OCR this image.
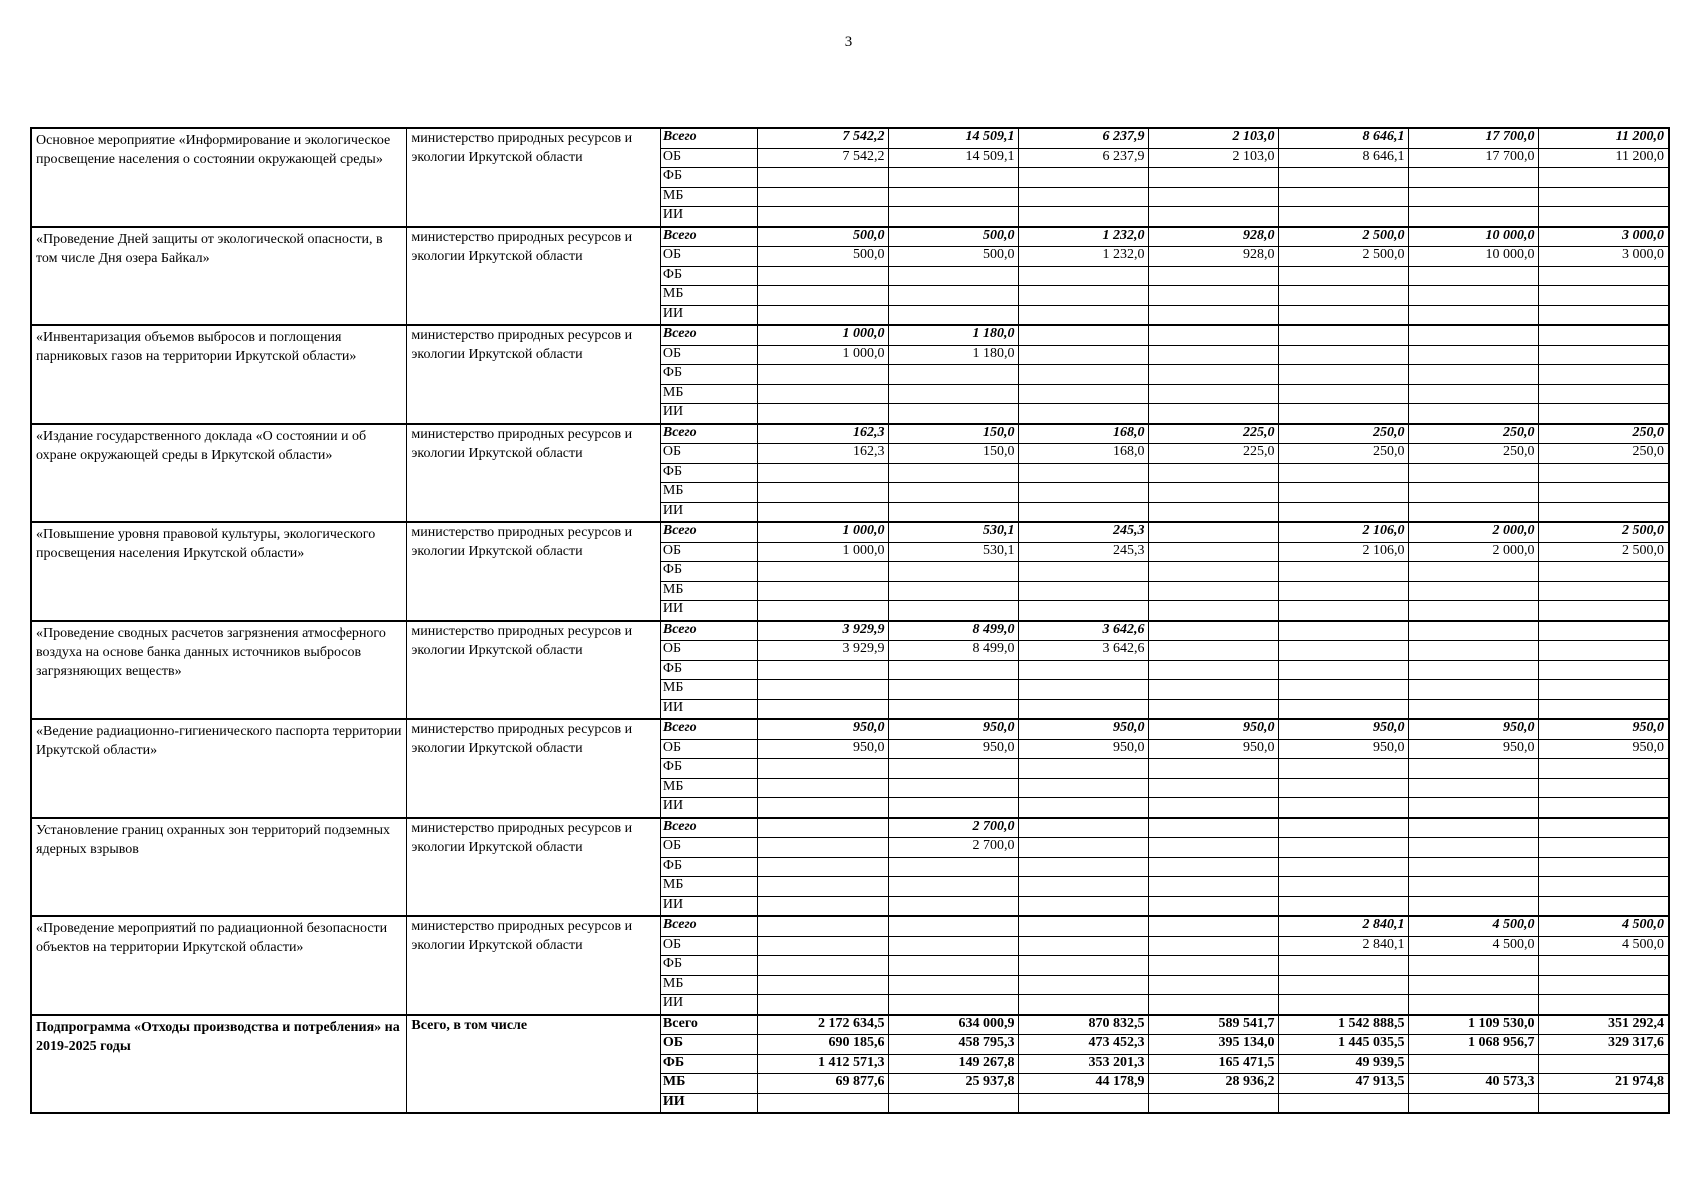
3
Основное мероприятие «Информирование и экологическое просвещение населения о состоянии окружающей среды»	министерство природных ресурсов и экологии Иркутской области	Всего	7 542,2	14 509,1	6 237,9	2 103,0	8 646,1	17 700,0	11 200,0
		ОБ	7 542,2	14 509,1	6 237,9	2 103,0	8 646,1	17 700,0	11 200,0
		ФБ							
		МБ							
		ИИ							
«Проведение Дней защиты от экологической опасности, в том числе Дня озера Байкал»	министерство природных ресурсов и экологии Иркутской области	Всего	500,0	500,0	1 232,0	928,0	2 500,0	10 000,0	3 000,0
		ОБ	500,0	500,0	1 232,0	928,0	2 500,0	10 000,0	3 000,0
		ФБ							
		МБ							
		ИИ							
«Инвентаризация объемов выбросов и поглощения парниковых газов на территории Иркутской области»	министерство природных ресурсов и экологии Иркутской области	Всего	1 000,0	1 180,0					
		ОБ	1 000,0	1 180,0					
		ФБ							
		МБ							
		ИИ							
«Издание государственного доклада «О состоянии и об охране окружающей среды в Иркутской области»	министерство природных ресурсов и экологии Иркутской области	Всего	162,3	150,0	168,0	225,0	250,0	250,0	250,0
		ОБ	162,3	150,0	168,0	225,0	250,0	250,0	250,0
		ФБ							
		МБ							
		ИИ							
«Повышение уровня правовой культуры, экологического просвещения населения Иркутской области»	министерство природных ресурсов и экологии Иркутской области	Всего	1 000,0	530,1	245,3		2 106,0	2 000,0	2 500,0
		ОБ	1 000,0	530,1	245,3		2 106,0	2 000,0	2 500,0
		ФБ							
		МБ							
		ИИ							
«Проведение сводных расчетов загрязнения атмосферного воздуха на основе банка данных источников выбросов загрязняющих веществ»	министерство природных ресурсов и экологии Иркутской области	Всего	3 929,9	8 499,0	3 642,6				
		ОБ	3 929,9	8 499,0	3 642,6				
		ФБ							
		МБ							
		ИИ							
«Ведение радиационно-гигиенического паспорта территории Иркутской области»	министерство природных ресурсов и экологии Иркутской области	Всего	950,0	950,0	950,0	950,0	950,0	950,0	950,0
		ОБ	950,0	950,0	950,0	950,0	950,0	950,0	950,0
		ФБ							
		МБ							
		ИИ							
Установление границ охранных зон территорий подземных ядерных взрывов	министерство природных ресурсов и экологии Иркутской области	Всего		2 700,0					
		ОБ		2 700,0					
		ФБ							
		МБ							
		ИИ							
«Проведение мероприятий по радиационной безопасности объектов на территории Иркутской области»	министерство природных ресурсов и экологии Иркутской области	Всего					2 840,1	4 500,0	4 500,0
		ОБ					2 840,1	4 500,0	4 500,0
		ФБ							
		МБ							
		ИИ							
Подпрограмма «Отходы производства и потребления» на 2019-2025 годы	Всего, в том числе	Всего	2 172 634,5	634 000,9	870 832,5	589 541,7	1 542 888,5	1 109 530,0	351 292,4
		ОБ	690 185,6	458 795,3	473 452,3	395 134,0	1 445 035,5	1 068 956,7	329 317,6
		ФБ	1 412 571,3	149 267,8	353 201,3	165 471,5	49 939,5		
		МБ	69 877,6	25 937,8	44 178,9	28 936,2	47 913,5	40 573,3	21 974,8
		ИИ							
